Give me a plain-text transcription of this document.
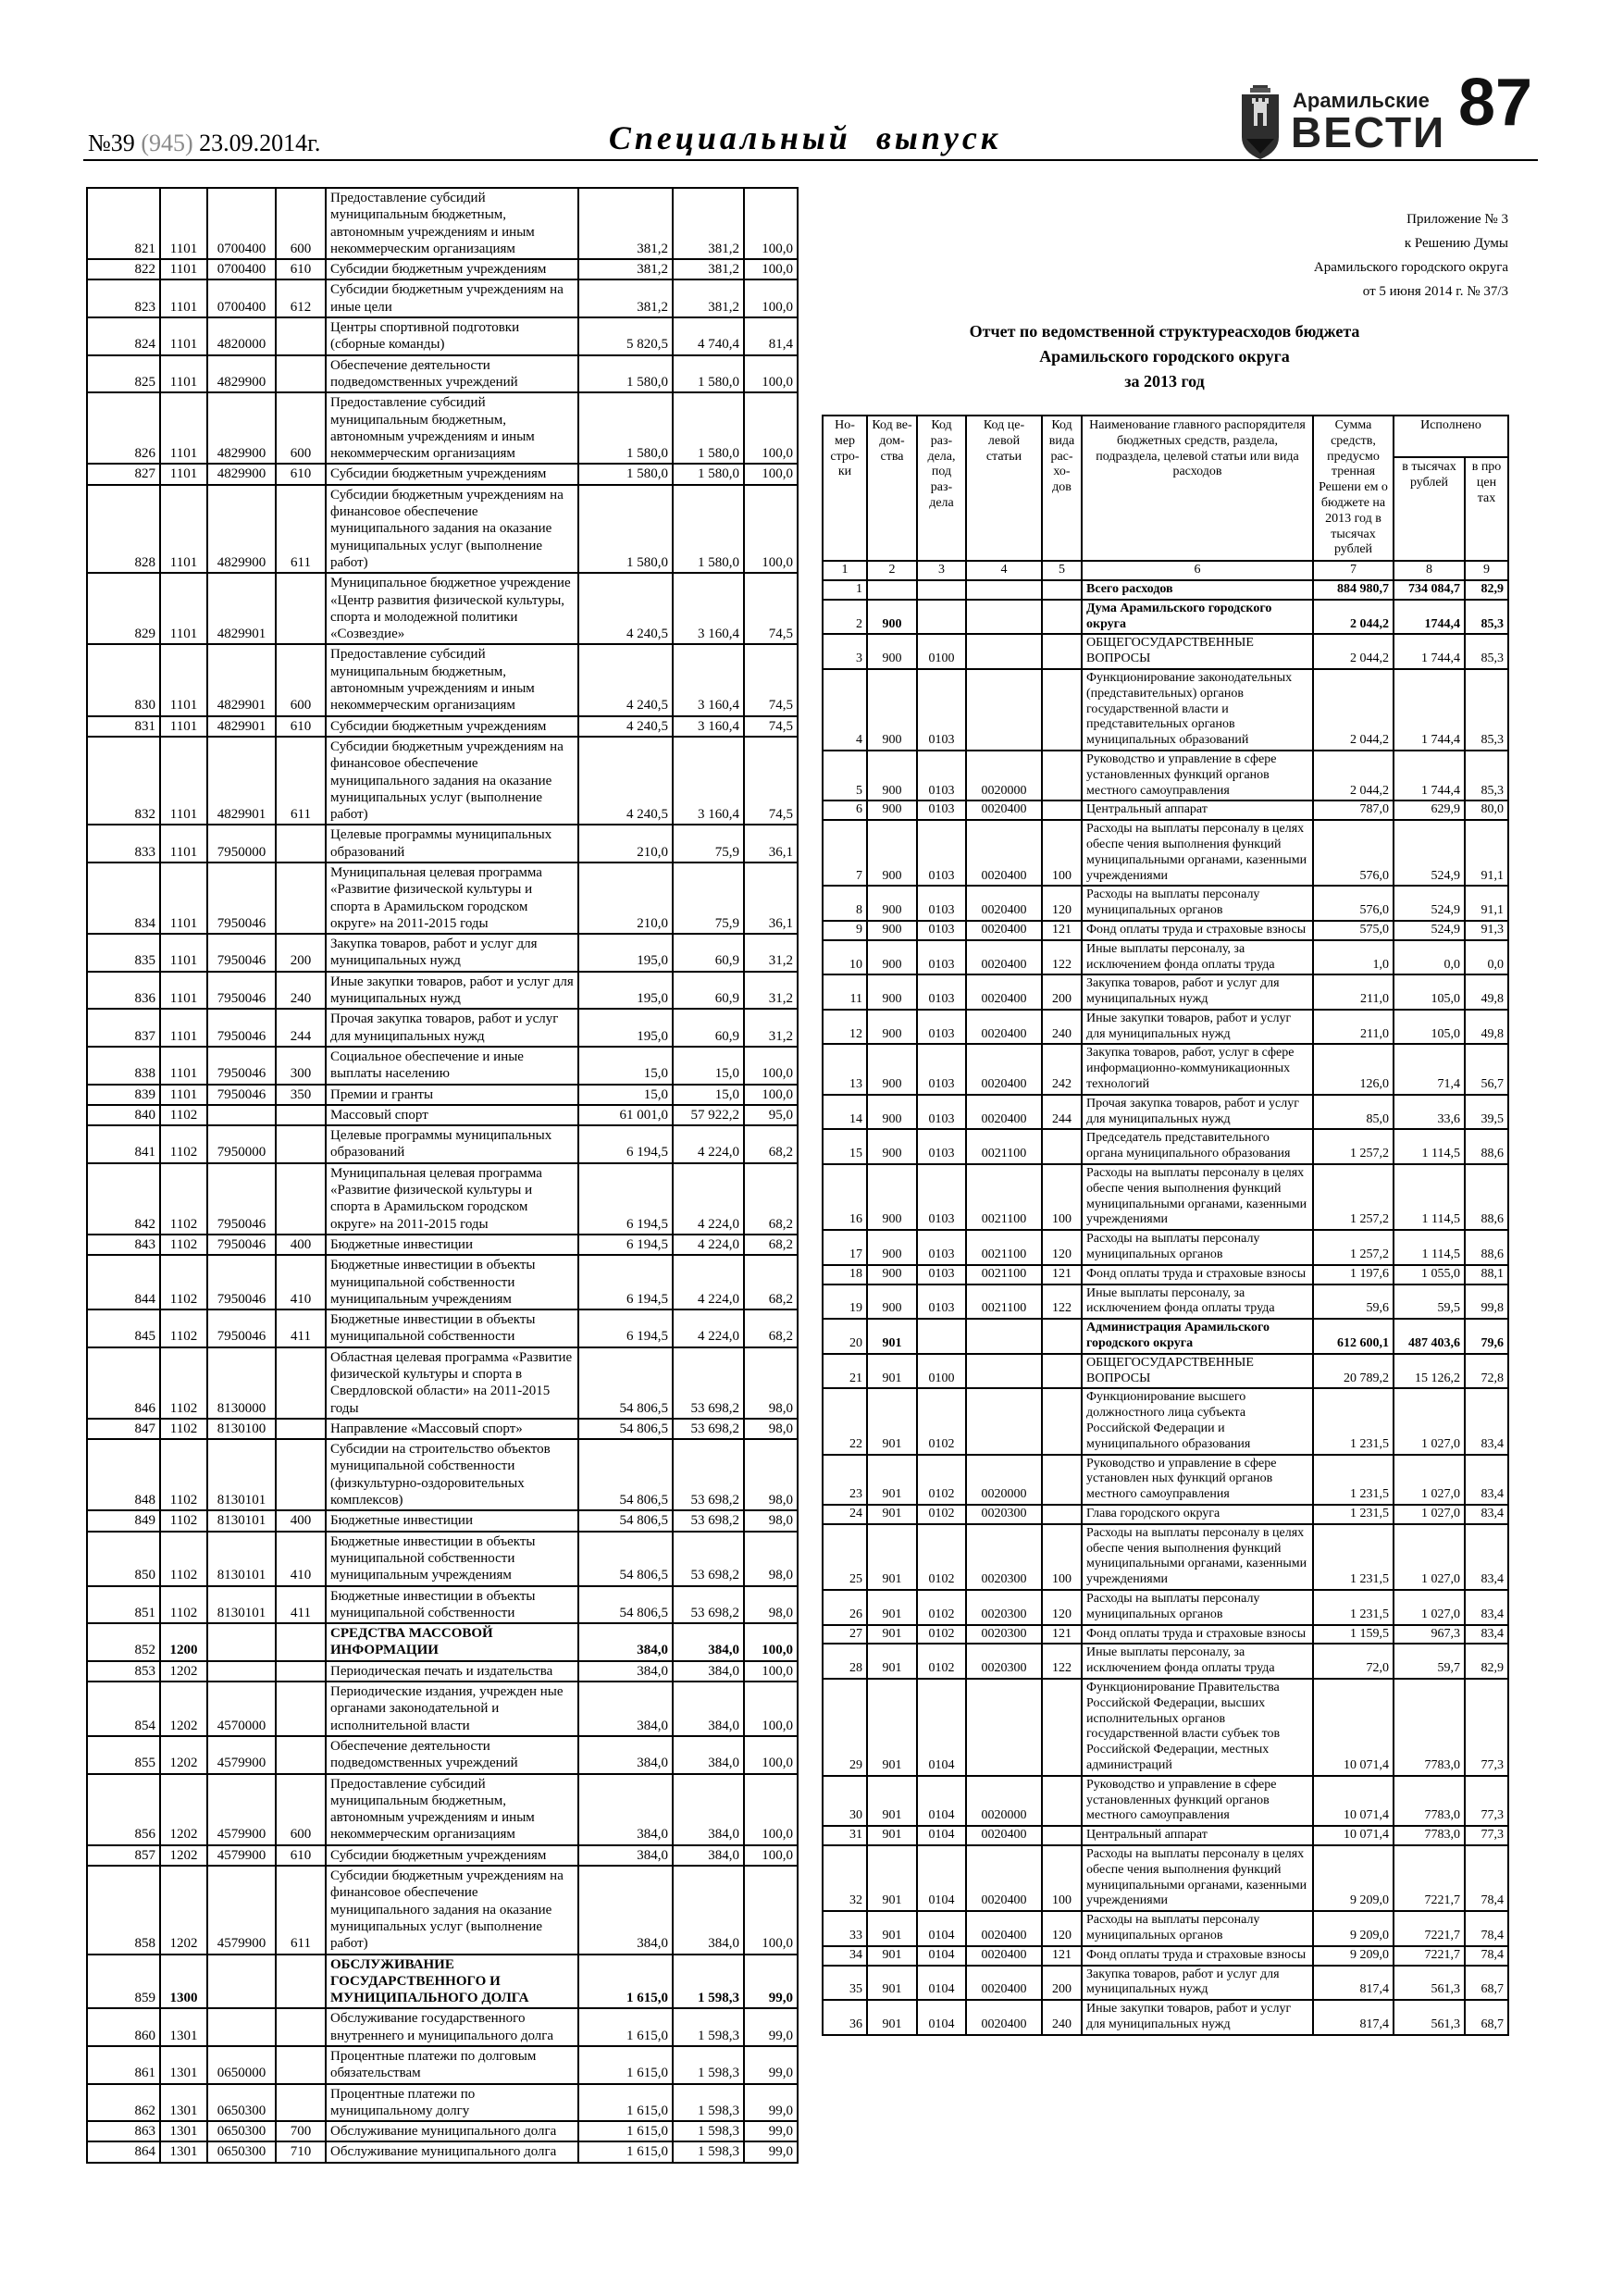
№39 (945) 23.09.2014г.	Специальный выпуск
Арамильские
ВЕСТИ 87
821	1101	0700400	600	Предоставление субсидий муниципальным бюджетным, автономным учреждениям и иным некоммерческим организациям	381,2	381,2	100,0
822	1101	0700400	610	Субсидии бюджетным учреждениям	381,2	381,2	100,0
823	1101	0700400	612	Субсидии бюджетным учреждениям на иные цели	381,2	381,2	100,0
824	1101	4820000		Центры спортивной подготовки (сборные команды)	5 820,5	4 740,4	81,4
825	1101	4829900		Обеспечение деятельности подведомственных учреждений	1 580,0	1 580,0	100,0
826	1101	4829900	600	Предоставление субсидий муниципальным бюджетным, автономным учреждениям и иным некоммерческим организациям	1 580,0	1 580,0	100,0
827	1101	4829900	610	Субсидии бюджетным учреждениям	1 580,0	1 580,0	100,0
828	1101	4829900	611	Субсидии бюджетным учреждениям на финансовое обеспечение муниципального задания на оказание муниципальных услуг (выполнение работ)	1 580,0	1 580,0	100,0
829	1101	4829901		Муниципальное бюджетное учреждение «Центр развития физической культуры, спорта и молодежной политики «Созвездие»	4 240,5	3 160,4	74,5
830	1101	4829901	600	Предоставление субсидий муниципальным бюджетным, автономным учреждениям и иным некоммерческим организациям	4 240,5	3 160,4	74,5
831	1101	4829901	610	Субсидии бюджетным учреждениям	4 240,5	3 160,4	74,5
832	1101	4829901	611	Субсидии бюджетным учреждениям на финансовое обеспечение муниципального задания на оказание муниципальных услуг (выполнение работ)	4 240,5	3 160,4	74,5
833	1101	7950000		Целевые программы муниципальных образований	210,0	75,9	36,1
834	1101	7950046		Муниципальная целевая программа «Развитие физической культуры и спорта в Арамильском городском округе» на 2011-2015 годы	210,0	75,9	36,1
835	1101	7950046	200	Закупка товаров, работ и услуг для муниципальных нужд	195,0	60,9	31,2
836	1101	7950046	240	Иные закупки товаров, работ и услуг для муниципальных нужд	195,0	60,9	31,2
837	1101	7950046	244	Прочая закупка товаров, работ и услуг для муниципальных нужд	195,0	60,9	31,2
838	1101	7950046	300	Социальное обеспечение и иные выплаты населению	15,0	15,0	100,0
839	1101	7950046	350	Премии и гранты	15,0	15,0	100,0
840	1102			Массовый спорт	61 001,0	57 922,2	95,0
841	1102	7950000		Целевые программы муниципальных образований	6 194,5	4 224,0	68,2
842	1102	7950046		Муниципальная целевая программа «Развитие физической культуры и спорта в Арамильском городском округе» на 2011-2015 годы	6 194,5	4 224,0	68,2
843	1102	7950046	400	Бюджетные инвестиции	6 194,5	4 224,0	68,2
844	1102	7950046	410	Бюджетные инвестиции в объекты муниципальной собственности муниципальным учреждениям	6 194,5	4 224,0	68,2
845	1102	7950046	411	Бюджетные инвестиции в объекты муниципальной собственности	6 194,5	4 224,0	68,2
846	1102	8130000		Областная целевая программа «Развитие физической культуры и спорта в Свердловской области» на 2011-2015 годы	54 806,5	53 698,2	98,0
847	1102	8130100		Направление «Массовый спорт»	54 806,5	53 698,2	98,0
848	1102	8130101		Субсидии на строительство объектов муниципальной собственности (физкультурно-оздоровительных комплексов)	54 806,5	53 698,2	98,0
849	1102	8130101	400	Бюджетные инвестиции	54 806,5	53 698,2	98,0
850	1102	8130101	410	Бюджетные инвестиции в объекты муниципальной собственности муниципальным учреждениям	54 806,5	53 698,2	98,0
851	1102	8130101	411	Бюджетные инвестиции в объекты муниципальной собственности	54 806,5	53 698,2	98,0
852	1200			СРЕДСТВА МАССОВОЙ ИНФОРМАЦИИ	384,0	384,0	100,0
853	1202			Периодическая печать и издательства	384,0	384,0	100,0
854	1202	4570000		Периодические издания, учрежден ные органами законодательной и исполнительной власти	384,0	384,0	100,0
855	1202	4579900		Обеспечение деятельности подведомственных учреждений	384,0	384,0	100,0
856	1202	4579900	600	Предоставление субсидий муниципальным бюджетным, автономным учреждениям и иным некоммерческим организациям	384,0	384,0	100,0
857	1202	4579900	610	Субсидии бюджетным учреждениям	384,0	384,0	100,0
858	1202	4579900	611	Субсидии бюджетным учреждениям на финансовое обеспечение муниципального задания на оказание муниципальных услуг (выполнение работ)	384,0	384,0	100,0
859	1300			ОБСЛУЖИВАНИЕ ГОСУДАРСТВЕННОГО И МУНИЦИПАЛЬНОГО ДОЛГА	1 615,0	1 598,3	99,0
860	1301			Обслуживание государственного внутреннего и муниципального долга	1 615,0	1 598,3	99,0
861	1301	0650000		Процентные платежи по долговым обязательствам	1 615,0	1 598,3	99,0
862	1301	0650300		Процентные платежи по муниципальному долгу	1 615,0	1 598,3	99,0
863	1301	0650300	700	Обслуживание муниципального долга	1 615,0	1 598,3	99,0
864	1301	0650300	710	Обслуживание муниципального долга	1 615,0	1 598,3	99,0
Приложение № 3
к Решению Думы
Арамильского городского округа
от 5 июня 2014 г. № 37/3
Отчет по ведомственной структуреасходов бюджета
Арамильского городского округа
за 2013 год
Но-мер стро-ки	Код ве-дом-ства	Код раз-дела, под раз-дела	Код це-левой статьи	Код вида рас-хо-дов	Наименование главного распорядителя бюджетных средств, раздела, подраздела, целевой статьи или вида расходов	Сумма средств, предусмо тренная Решени ем о бюджете на 2013 год в тысячах рублей	Исполнено	
							в тысячах рублей	в про цен тах
1	2	3	4	5	6	7	8	9
1					Всего расходов	884 980,7	734 084,7	82,9
2	900				Дума Арамильского городского округа	2 044,2	1744,4	85,3
3	900	0100			ОБЩЕГОСУДАРСТВЕННЫЕ ВОПРОСЫ	2 044,2	1 744,4	85,3
4	900	0103			Функционирование законодательных (представительных) органов государственной власти и представительных органов муниципальных образований	2 044,2	1 744,4	85,3
5	900	0103	0020000		Руководство и управление в сфере установленных функций органов местного самоуправления	2 044,2	1 744,4	85,3
6	900	0103	0020400		Центральный аппарат	787,0	629,9	80,0
7	900	0103	0020400	100	Расходы на выплаты персоналу в целях обеспе чения выполнения функций муниципальными органами, казенными учреждениями	576,0	524,9	91,1
8	900	0103	0020400	120	Расходы на выплаты персоналу муниципальных органов	576,0	524,9	91,1
9	900	0103	0020400	121	Фонд оплаты труда и страховые взносы	575,0	524,9	91,3
10	900	0103	0020400	122	Иные выплаты персоналу, за исключением фонда оплаты труда	1,0	0,0	0,0
11	900	0103	0020400	200	Закупка товаров, работ и услуг для муниципальных нужд	211,0	105,0	49,8
12	900	0103	0020400	240	Иные закупки товаров, работ и услуг для муниципальных нужд	211,0	105,0	49,8
13	900	0103	0020400	242	Закупка товаров, работ, услуг в сфере информационно-коммуникационных технологий	126,0	71,4	56,7
14	900	0103	0020400	244	Прочая закупка товаров, работ и услуг для муниципальных нужд	85,0	33,6	39,5
15	900	0103	0021100		Председатель представительного органа муниципального образования	1 257,2	1 114,5	88,6
16	900	0103	0021100	100	Расходы на выплаты персоналу в целях обеспе чения выполнения функций муниципальными органами, казенными учреждениями	1 257,2	1 114,5	88,6
17	900	0103	0021100	120	Расходы на выплаты персоналу муниципальных органов	1 257,2	1 114,5	88,6
18	900	0103	0021100	121	Фонд оплаты труда и страховые взносы	1 197,6	1 055,0	88,1
19	900	0103	0021100	122	Иные выплаты персоналу, за исключением фонда оплаты труда	59,6	59,5	99,8
20	901				Администрация Арамильского городского округа	612 600,1	487 403,6	79,6
21	901	0100			ОБЩЕГОСУДАРСТВЕННЫЕ ВОПРОСЫ	20 789,2	15 126,2	72,8
22	901	0102			Функционирование высшего должностного лица субъекта Российской Федерации и муниципального образования	1 231,5	1 027,0	83,4
23	901	0102	0020000		Руководство и управление в сфере установлен ных функций органов местного самоуправления	1 231,5	1 027,0	83,4
24	901	0102	0020300		Глава городского округа	1 231,5	1 027,0	83,4
25	901	0102	0020300	100	Расходы на выплаты персоналу в целях обеспе чения выполнения функций муниципальными органами, казенными учреждениями	1 231,5	1 027,0	83,4
26	901	0102	0020300	120	Расходы на выплаты персоналу муниципальных органов	1 231,5	1 027,0	83,4
27	901	0102	0020300	121	Фонд оплаты труда и страховые взносы	1 159,5	967,3	83,4
28	901	0102	0020300	122	Иные выплаты персоналу, за исключением фонда оплаты труда	72,0	59,7	82,9
29	901	0104			Функционирование Правительства Российской Федерации, высших исполнительных органов государственной власти субъек тов Российской Федерации, местных администраций	10 071,4	7783,0	77,3
30	901	0104	0020000		Руководство и управление в сфере установленных функций органов местного самоуправления	10 071,4	7783,0	77,3
31	901	0104	0020400		Центральный аппарат	10 071,4	7783,0	77,3
32	901	0104	0020400	100	Расходы на выплаты персоналу в целях обеспе чения выполнения функций муниципальными органами, казенными учреждениями	9 209,0	7221,7	78,4
33	901	0104	0020400	120	Расходы на выплаты персоналу муниципальных органов	9 209,0	7221,7	78,4
34	901	0104	0020400	121	Фонд оплаты труда и страховые взносы	9 209,0	7221,7	78,4
35	901	0104	0020400	200	Закупка товаров, работ и услуг для муниципальных нужд	817,4	561,3	68,7
36	901	0104	0020400	240	Иные закупки товаров, работ и услуг для муниципальных нужд	817,4	561,3	68,7
